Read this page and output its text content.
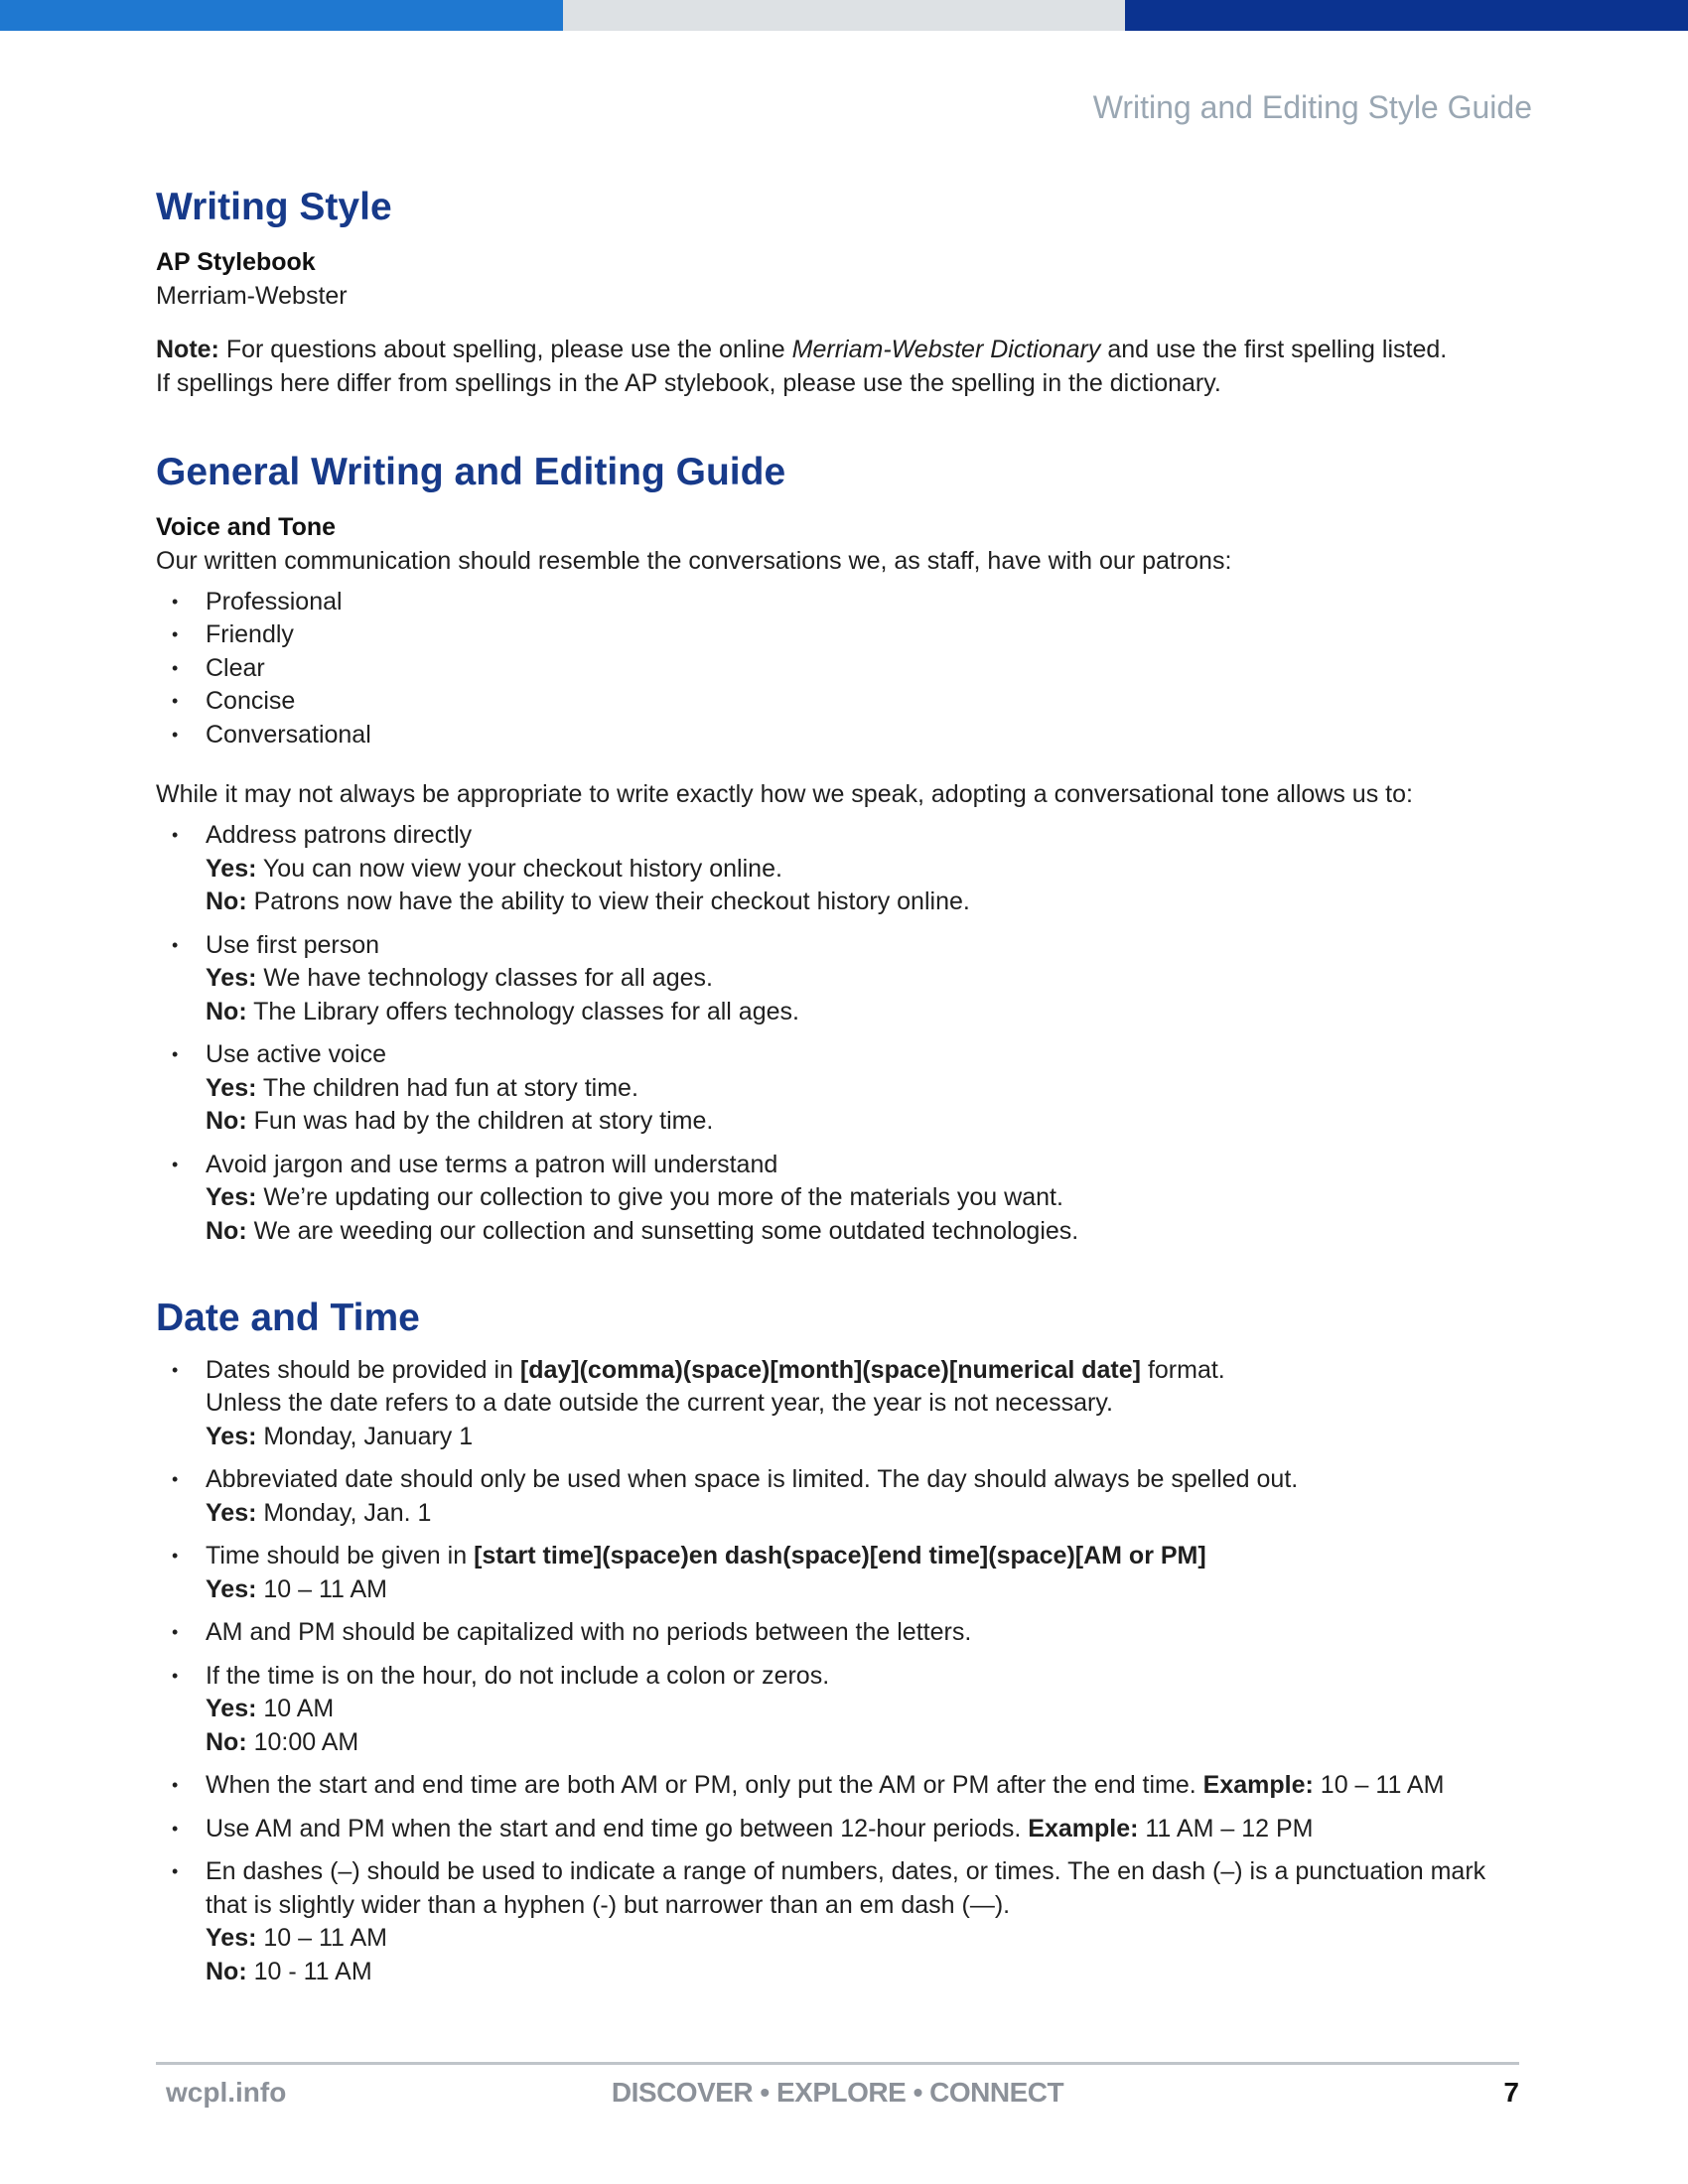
Writing and Editing Style Guide
Writing Style
AP Stylebook
Merriam-Webster

Note: For questions about spelling, please use the online Merriam-Webster Dictionary and use the first spelling listed.

If spellings here differ from spellings in the AP stylebook, please use the spelling in the dictionary.

General Writing and Editing Guide
Voice and Tone

Our written communication should resemble the conversations we, as staff, have with our patrons:

• Professional
• Friendly
• Clear
• Concise
• Conversational

While it may not always be appropriate to write exactly how we speak, adopting a conversational tone allows us to:

• Address patrons directly
Yes: You can now view your checkout history online.
No: Patrons now have the ability to view their checkout history online.
• Use first person
Yes: We have technology classes for all ages.
No: The Library offers technology classes for all ages.
• Use active voice
Yes: The children had fun at story time.
No: Fun was had by the children at story time.
• Avoid jargon and use terms a patron will understand
Yes: We’re updating our collection to give you more of the materials you want.
No: We are weeding our collection and sunsetting some outdated technologies.
Date and Time
• Dates should be provided in [day](comma)(space)[month](space)[numerical date] format.
Unless the date refers to a date outside the current year, the year is not necessary.
Yes: Monday, January 1
• Abbreviated date should only be used when space is limited. The day should always be spelled out.
Yes: Monday, Jan. 1
• Time should be given in [start time](space)en dash(space)[end time](space)[AM or PM]
Yes: 10 – 11 AM
• AM and PM should be capitalized with no periods between the letters.
• If the time is on the hour, do not include a colon or zeros.
Yes: 10 AM
No: 10:00 AM
• When the start and end time are both AM or PM, only put the AM or PM after the end time. Example: 10 – 11 AM
• Use AM and PM when the start and end time go between 12-hour periods. Example: 11 AM – 12 PM
• En dashes (–) should be used to indicate a range of numbers, dates, or times. The en dash (–) is a punctuation mark
that is slightly wider than a hyphen (-) but narrower than an em dash (—).
Yes: 10 – 11 AM
No: 10 - 11 AM
wcpl.info	DISCOVER • EXPLORE • CONNECT	7
